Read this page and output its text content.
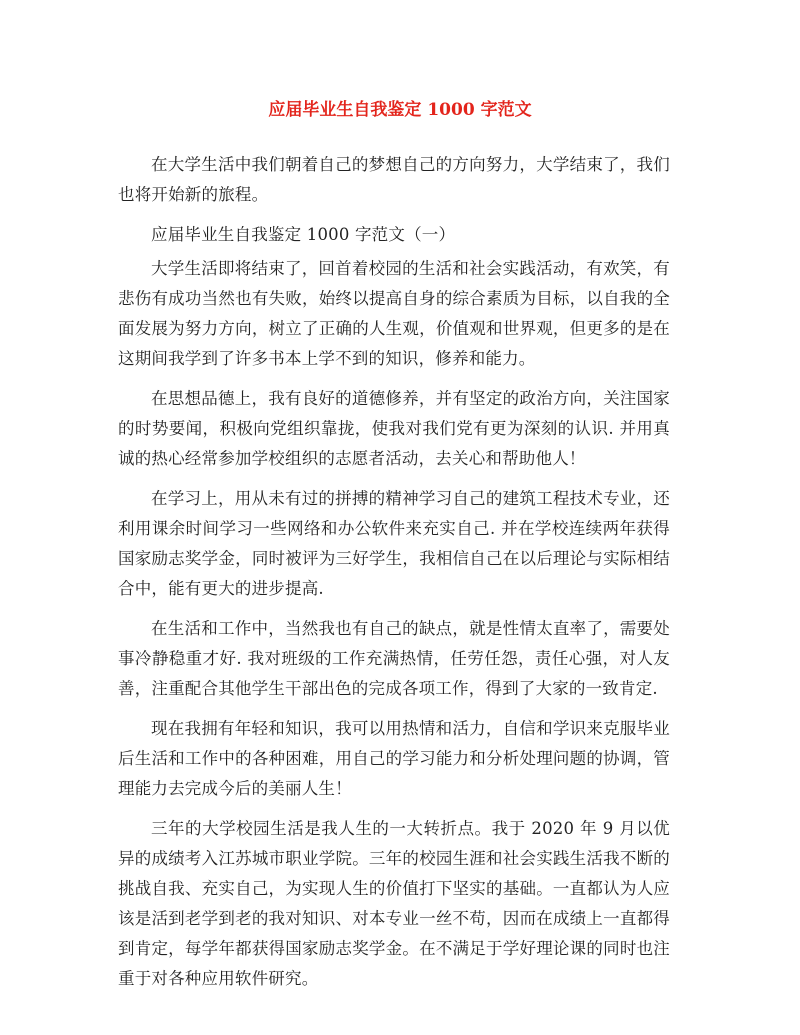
应届毕业生自我鉴定 1000 字范文

在大学生活中我们朝着自己的梦想自己的方向努力，大学结束了，我们也将开始新的旅程。

应届毕业生自我鉴定 1000 字范文（一）

大学生活即将结束了，回首着校园的生活和社会实践活动，有欢笑，有悲伤有成功当然也有失败，始终以提高自身的综合素质为目标，以自我的全面发展为努力方向，树立了正确的人生观，价值观和世界观，但更多的是在这期间我学到了许多书本上学不到的知识，修养和能力。

在思想品德上，我有良好的道德修养，并有坚定的政治方向，关注国家的时势要闻，积极向党组织靠拢，使我对我们党有更为深刻的认识. 并用真诚的热心经常参加学校组织的志愿者活动，去关心和帮助他人！

在学习上，用从未有过的拼搏的精神学习自己的建筑工程技术专业，还利用课余时间学习一些网络和办公软件来充实自己. 并在学校连续两年获得国家励志奖学金，同时被评为三好学生，我相信自己在以后理论与实际相结合中，能有更大的进步提高.

在生活和工作中，当然我也有自己的缺点，就是性情太直率了，需要处事冷静稳重才好. 我对班级的工作充满热情，任劳任怨，责任心强，对人友善，注重配合其他学生干部出色的完成各项工作，得到了大家的一致肯定.

现在我拥有年轻和知识，我可以用热情和活力，自信和学识来克服毕业后生活和工作中的各种困难，用自己的学习能力和分析处理问题的协调，管理能力去完成今后的美丽人生！

三年的大学校园生活是我人生的一大转折点。我于 2020 年 9 月以优异的成绩考入江苏城市职业学院。三年的校园生涯和社会实践生活我不断的挑战自我、充实自己，为实现人生的价值打下坚实的基础。一直都认为人应该是活到老学到老的我对知识、对本专业一丝不苟，因而在成绩上一直都得到肯定，每学年都获得国家励志奖学金。在不满足于学好理论课的同时也注重于对各种应用软件研究。
